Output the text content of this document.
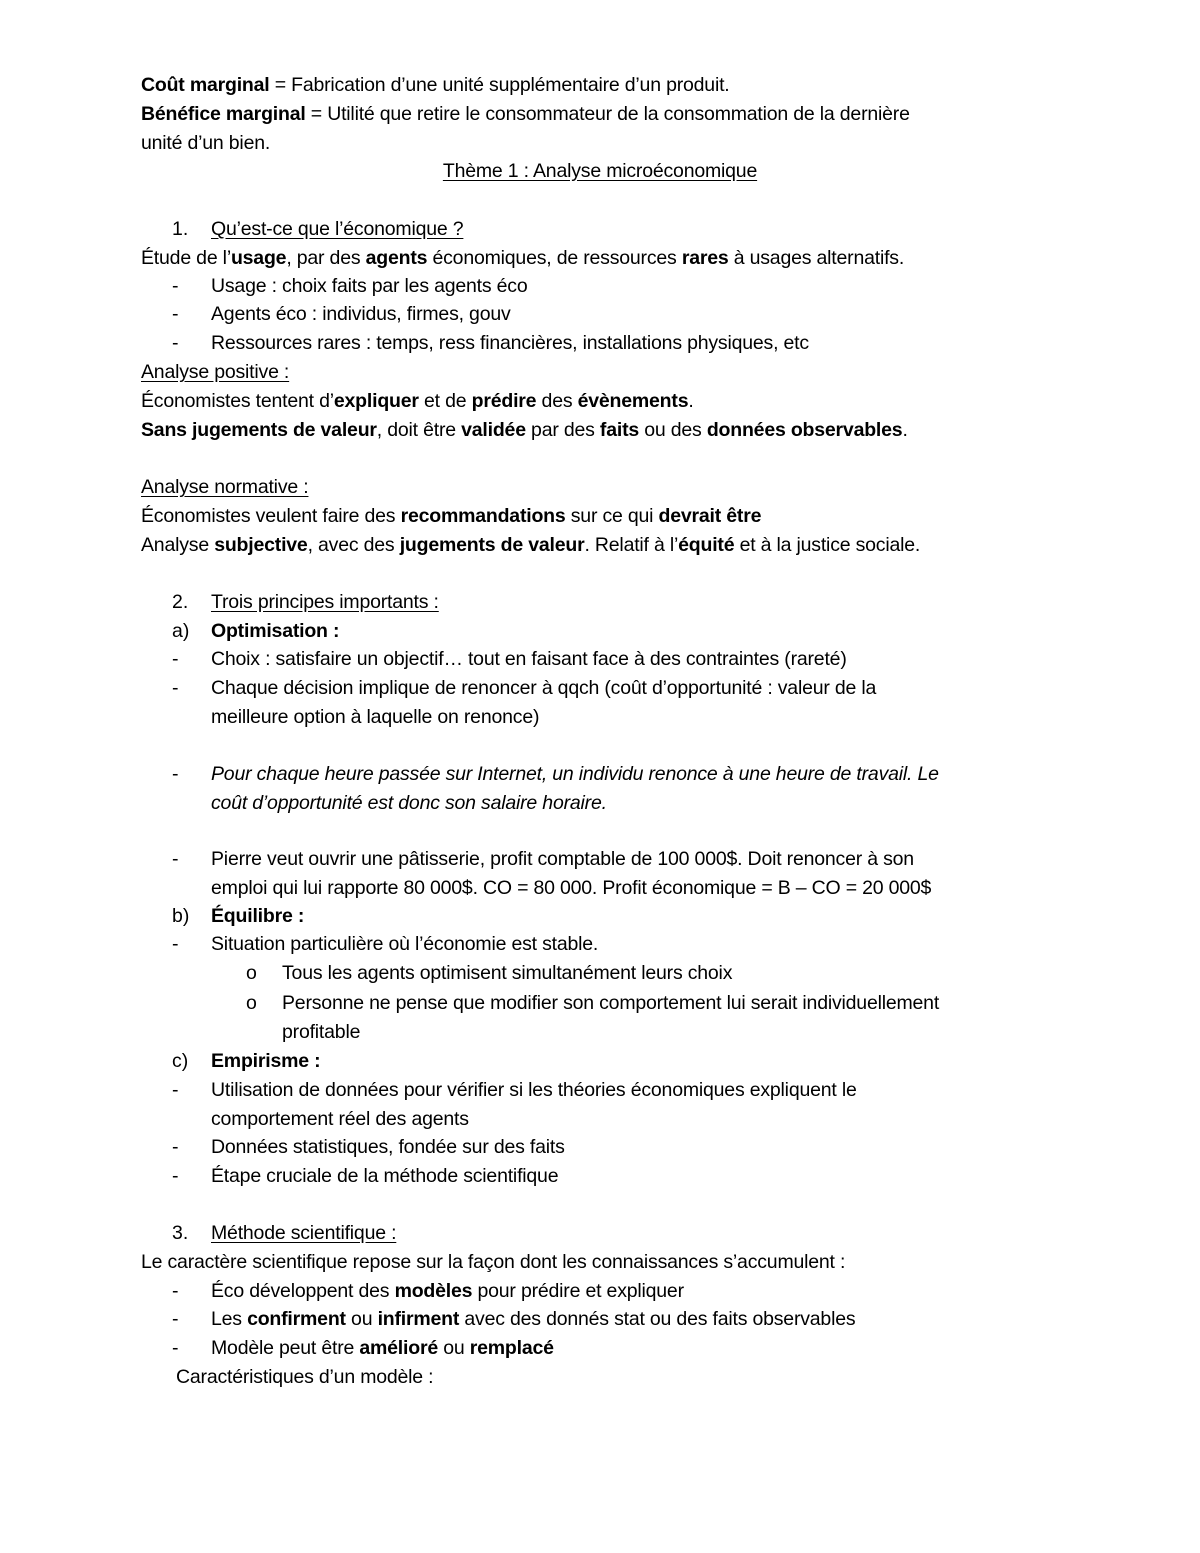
Coût marginal = Fabrication d’une unité supplémentaire d’un produit.
Bénéfice marginal = Utilité que retire le consommateur de la consommation de la dernière
unité d’un bien.
Thème 1 : Analyse microéconomique
1.	Qu’est-ce que l’économique ?
Étude de l’usage, par des agents économiques, de ressources rares à usages alternatifs.
-	Usage : choix faits par les agents éco
-	Agents éco : individus, firmes, gouv
-	Ressources rares : temps, ress financières, installations physiques, etc
Analyse positive :
Économistes tentent d’expliquer et de prédire des évènements.
Sans jugements de valeur, doit être validée par des faits ou des données observables.
Analyse normative :
Économistes veulent faire des recommandations sur ce qui devrait être
Analyse subjective, avec des jugements de valeur. Relatif à l’équité et à la justice sociale.
2.	Trois principes importants :
a)	Optimisation :
-	Choix : satisfaire un objectif… tout en faisant face à des contraintes (rareté)
-	Chaque décision implique de renoncer à qqch (coût d’opportunité : valeur de la
meilleure option à laquelle on renonce)
-	Pour chaque heure passée sur Internet, un individu renonce à une heure de travail. Le
coût d’opportunité est donc son salaire horaire.
-	Pierre veut ouvrir une pâtisserie, profit comptable de 100 000$. Doit renoncer à son
emploi qui lui rapporte 80 000$. CO = 80 000. Profit économique = B – CO = 20 000$
b)	Équilibre :
-	Situation particulière où l’économie est stable.
o	Tous les agents optimisent simultanément leurs choix
o	Personne ne pense que modifier son comportement lui serait individuellement
profitable
c)	Empirisme :
-	Utilisation de données pour vérifier si les théories économiques expliquent le
comportement réel des agents
-	Données statistiques, fondée sur des faits
-	Étape cruciale de la méthode scientifique
3.	Méthode scientifique :
Le caractère scientifique repose sur la façon dont les connaissances s’accumulent :
-	Éco développent des modèles pour prédire et expliquer
-	Les confirment ou infirment avec des donnés stat ou des faits observables
-	Modèle peut être amélioré ou remplacé
Caractéristiques d’un modèle :
